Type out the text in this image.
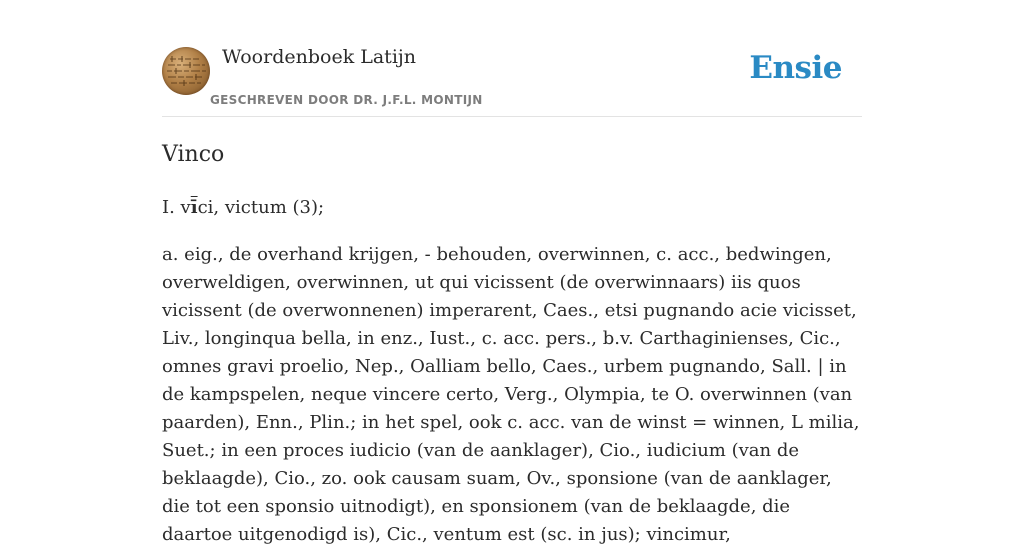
Woordenboek Latijn
GESCHREVEN DOOR DR. J.F.L. MONTIJN
Ensie
Vinco

I. $v\overline{ī}ci$, victum (3);

a. eig., de overhand krijgen, - behouden, overwinnen, c. acc., bedwingen, overweldigen, overwinnen, ut qui vicissent (de overwinnaars) iis quos vicissent (de overwonnenen) imperarent, Caes., etsi pugnando acie vicisset, Liv., longinqua bella, in enz., Iust., c. acc. pers., b.v. Carthaginienses, Cic., omnes gravi proelio, Nep., Oalliam bello, Caes., urbem pugnando, Sall. | in de kampspelen, neque vincere certo, Verg., Olympia, te O. overwinnen (van paarden), Enn., Plin.; in het spel, ook c. acc. van de winst = winnen, L milia, Suet.; in een proces iudicio (van de aanklager), Cio., iudicium (van de beklaagde), Cio., zo. ook causam suam, Ov., sponsione (van de aanklager, die tot een sponsio uitnodigt), en sponsionem (van de beklaagde, die daartoe uitgenodigd is), Cic., ventum est (sc. in jus); vincimur,
